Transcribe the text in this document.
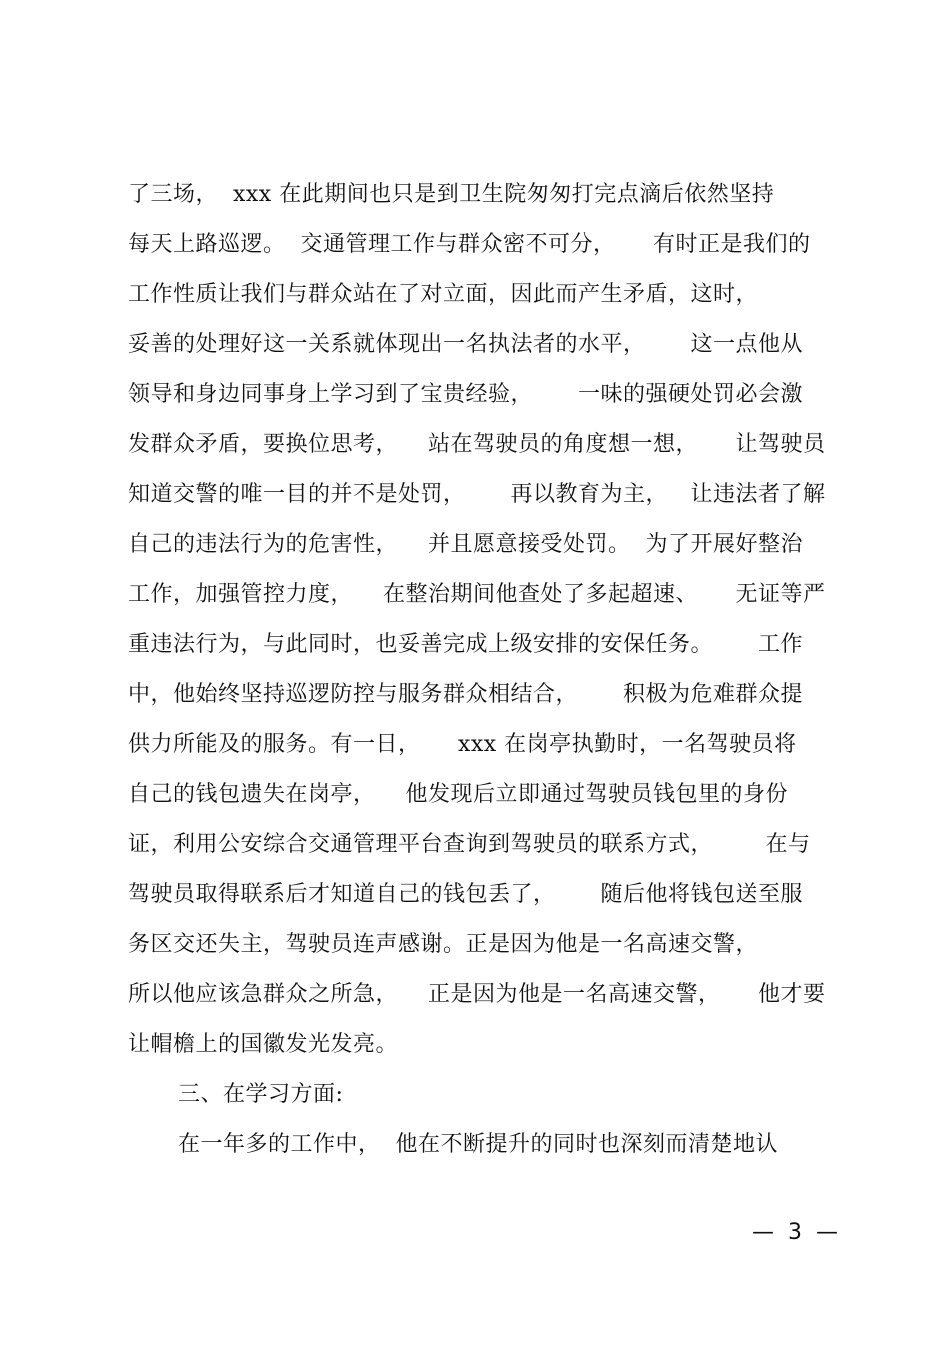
了三场，  xxx 在此期间也只是到卫生院匆匆打完点滴后依然坚持
每天上路巡逻。  交通管理工作与群众密不可分，     有时正是我们的
工作性质让我们与群众站在了对立面，因此而产生矛盾，这时，
妥善的处理好这一关系就体现出一名执法者的水平，      这一点他从
领导和身边同事身上学习到了宝贵经验，      一味的强硬处罚必会激
发群众矛盾，要换位思考，    站在驾驶员的角度想一想，     让驾驶员
知道交警的唯一目的并不是处罚，      再以教育为主，   让违法者了解
自己的违法行为的危害性，    并且愿意接受处罚。  为了开展好整治
工作，加强管控力度，    在整治期间他查处了多起超速、     无证等严
重违法行为，与此同时，也妥善完成上级安排的安保任务。      工作
中，他始终坚持巡逻防控与服务群众相结合，      积极为危难群众提
供力所能及的服务。有一日，     xxx 在岗亭执勤时，一名驾驶员将
自己的钱包遗失在岗亭，    他发现后立即通过驾驶员钱包里的身份
证，利用公安综合交通管理平台查询到驾驶员的联系方式，       在与
驾驶员取得联系后才知道自己的钱包丢了，      随后他将钱包送至服
务区交还失主，驾驶员连声感谢。正是因为他是一名高速交警，
所以他应该急群众之所急，    正是因为他是一名高速交警，     他才要
让帽檐上的国徽发光发亮。
三、在学习方面:
在一年多的工作中，  他在不断提升的同时也深刻而清楚地认
—  3  —
